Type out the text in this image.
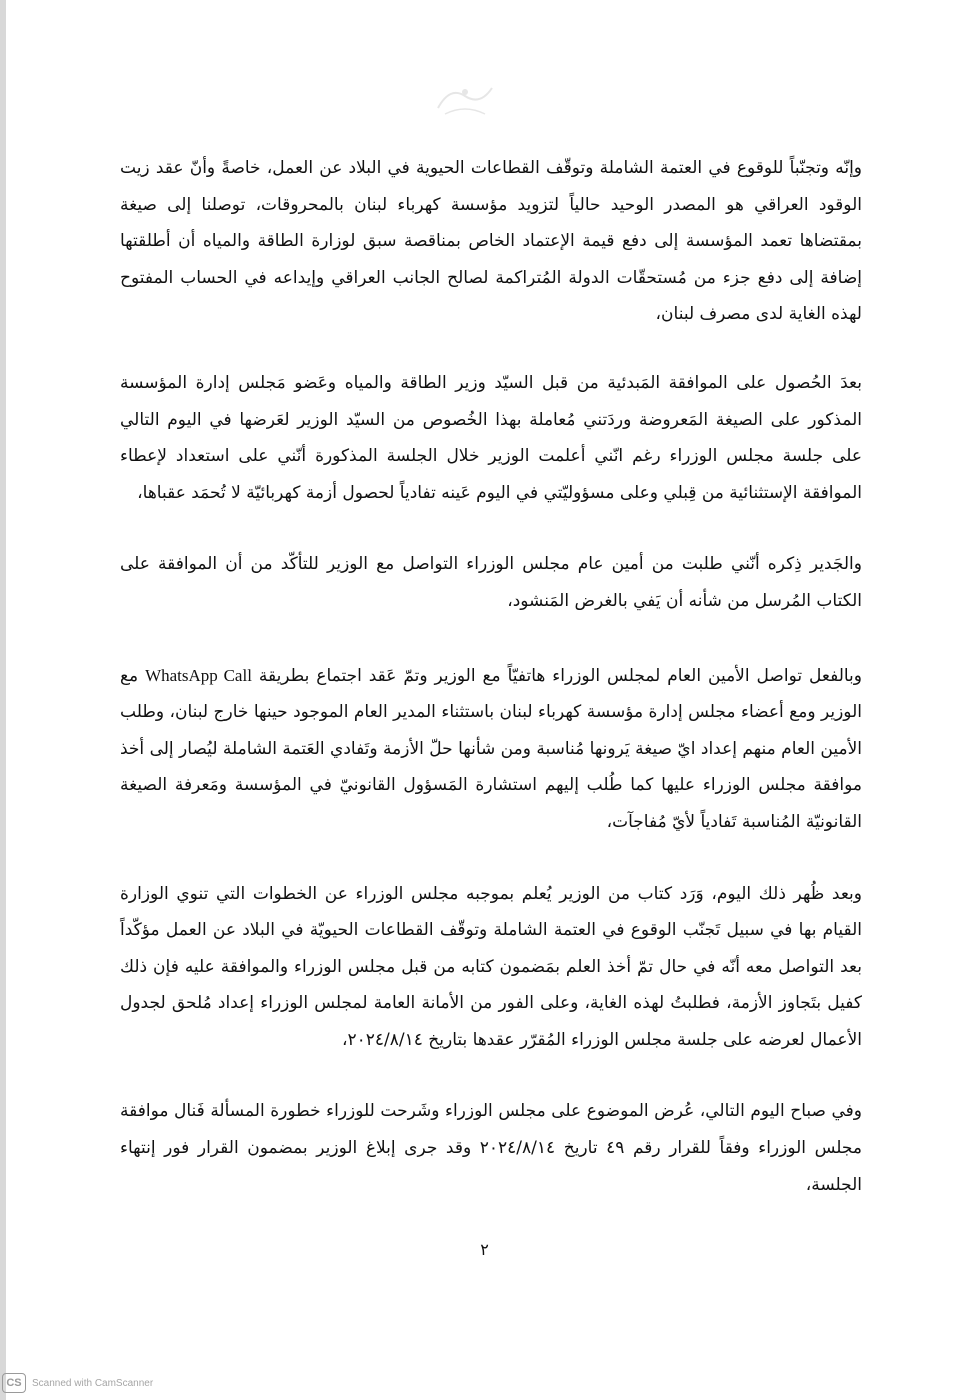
وإنّه وتجنّباً للوقوع في العتمة الشاملة وتوقّف القطاعات الحيوية في البلاد عن العمل، خاصةً وأنّ عقد زيت الوقود العراقي هو المصدر الوحيد حالياً لتزويد مؤسسة كهرباء لبنان بالمحروقات، توصلنا إلى صيغة بمقتضاها تعمد المؤسسة إلى دفع قيمة الإعتماد الخاص بمناقصة سبق لوزارة الطاقة والمياه أن أطلقتها إضافة إلى دفع جزء من مُستحقّات الدولة المُتراكمة لصالح الجانب العراقي وإيداعه في الحساب المفتوح لهذه الغاية لدى مصرف لبنان،

بعدَ الحُصول على الموافقة المَبدئية من قبل السيّد وزير الطاقة والمياه وعَضو مَجلس إدارة المؤسسة المذكور على الصيغة المَعروضة وردَتني مُعاملة بهذا الخُصوص من السيّد الوزير لعَرضها في اليوم التالي على جلسة مجلس الوزراء رغم انّني أعلمت الوزير خلال الجلسة المذكورة أنّني على استعداد لإعطاء الموافقة الإستثنائية من قِبلي وعلى مسؤوليّتي في اليوم عَينه تفادياً لحصول أزمة كهربائيّة لا تُحمَد عقباها،

والجَدير ذِكره أنّني طلبت من أمين عام مجلس الوزراء التواصل مع الوزير للتأكّد من أن الموافقة على الكتاب المُرسل من شأنه أن يَفي بالغرض المَنشود،

وبالفعل تواصل الأمين العام لمجلس الوزراء هاتفيّاً مع الوزير وتمّ عَقد اجتماع بطريقة WhatsApp Call مع الوزير ومع أعضاء مجلس إدارة مؤسسة كهرباء لبنان باستثناء المدير العام الموجود حينها خارج لبنان، وطلب الأمين العام منهم إعداد ايّ صيغة يَرونها مُناسبة ومن شأنها حلّ الأزمة وتَفادي العَتمة الشاملة ليُصار إلى أخذ موافقة مجلس الوزراء عليها كما طُلب إليهم استشارة المَسؤول القانونيّ في المؤسسة ومَعرفة الصيغة القانونيّة المُناسبة تَفادياً لأيّ مُفاجآت،

وبعد ظُهر ذلك اليوم، وَرَد كتاب من الوزير يُعلم بموجبه مجلس الوزراء عن الخطوات التي تنوي الوزارة القيام بها في سبيل تَجنّب الوقوع في العتمة الشاملة وتوقّف القطاعات الحيويّة في البلاد عن العمل مؤكّداً بعد التواصل معه أنّه في حال تمّ أخذ العلم بمَضمون كتابه من قبل مجلس الوزراء والموافقة عليه فإن ذلك كفيل بتَجاوز الأزمة، فطلبتُ لهذه الغاية، وعلى الفور من الأمانة العامة لمجلس الوزراء إعداد مُلحق لجدول الأعمال لعرضه على جلسة مجلس الوزراء المُقرّر عقدها بتاريخ ٢٠٢٤/٨/١٤،

وفي صباح اليوم التالي، عُرض الموضوع على مجلس الوزراء وشَرحت للوزراء خطورة المسألة فَنال موافقة مجلس الوزراء وفقاً للقرار رقم ٤٩ تاريخ ٢٠٢٤/٨/١٤ وقد جرى إبلاغ الوزير بمضمون القرار فور إنتهاء الجلسة،

٢
CS	Scanned with CamScanner
